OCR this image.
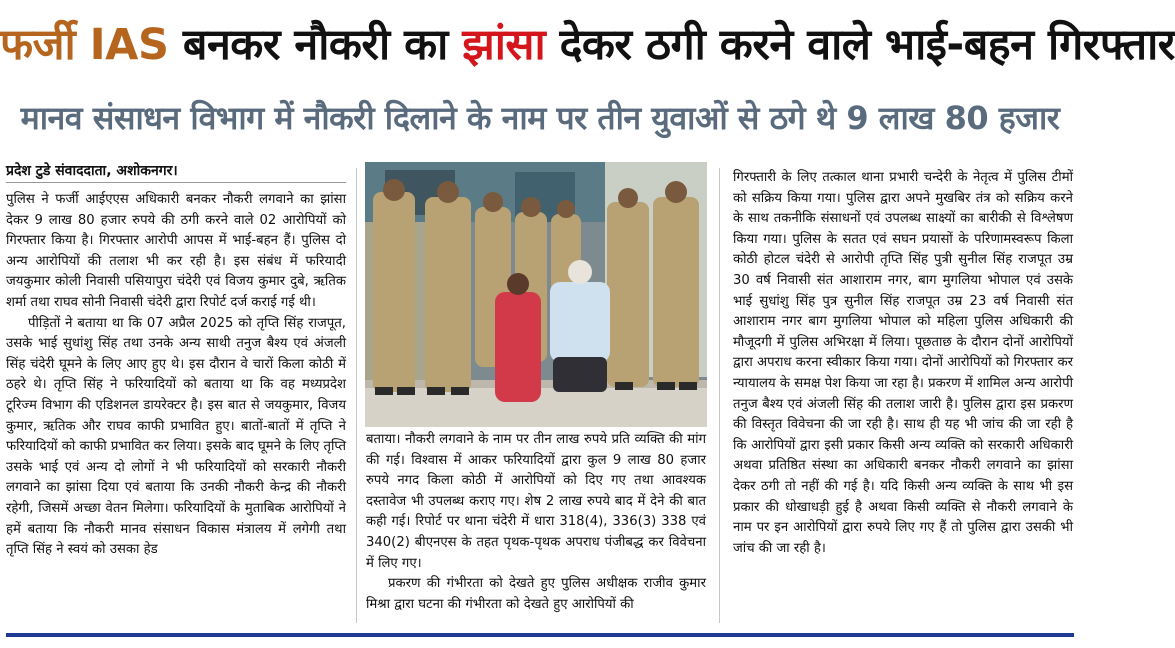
फर्जी IAS बनकर नौकरी का झांसा देकर ठगी करने वाले भाई-बहन गिरफ्तार
मानव संसाधन विभाग में नौकरी दिलाने के नाम पर तीन युवाओं से ठगे थे 9 लाख 80 हजार
प्रदेश टुडे संवाददाता, अशोकनगर।

पुलिस ने फर्जी आईएएस अधिकारी बनकर नौकरी लगवाने का झांसा देकर 9 लाख 80 हजार रुपये की ठगी करने वाले 02 आरोपियों को गिरफ्तार किया है। गिरफ्तार आरोपी आपस में भाई-बहन हैं। पुलिस दो अन्य आरोपियों की तलाश भी कर रही है। इस संबंध में फरियादी जयकुमार कोली निवासी पसियापुरा चंदेरी एवं विजय कुमार दुबे, ऋतिक शर्मा तथा राघव सोनी निवासी चंदेरी द्वारा रिपोर्ट दर्ज कराई गई थी।

पीड़ितों ने बताया था कि 07 अप्रैल 2025 को तृप्ति सिंह राजपूत, उसके भाई सुधांशु सिंह तथा उनके अन्य साथी तनुज बैश्य एवं अंजली सिंह चंदेरी घूमने के लिए आए हुए थे। इस दौरान वे चारों किला कोठी में ठहरे थे। तृप्ति सिंह ने फरियादियों को बताया था कि वह मध्यप्रदेश टूरिज्म विभाग की एडिशनल डायरेक्टर है। इस बात से जयकुमार, विजय कुमार, ऋतिक और राघव काफी प्रभावित हुए। बातों-बातों में तृप्ति ने फरियादियों को काफी प्रभावित कर लिया। इसके बाद घूमने के लिए तृप्ति उसके भाई एवं अन्य दो लोगों ने भी फरियादियों को सरकारी नौकरी लगवाने का झांसा दिया एवं बताया कि उनकी नौकरी केन्द्र की नौकरी रहेगी, जिसमें अच्छा वेतन मिलेगा। फरियादियों के मुताबिक आरोपियों ने हमें बताया कि नौकरी मानव संसाधन विकास मंत्रालय में लगेगी तथा तृप्ति सिंह ने स्वयं को उसका हेड

बताया। नौकरी लगवाने के नाम पर तीन लाख रुपये प्रति व्यक्ति की मांग की गई। विश्वास में आकर फरियादियों द्वारा कुल 9 लाख 80 हजार रुपये नगद किला कोठी में आरोपियों को दिए गए तथा आवश्यक दस्तावेज भी उपलब्ध कराए गए। शेष 2 लाख रुपये बाद में देने की बात कही गई। रिपोर्ट पर थाना चंदेरी में धारा 318(4), 336(3) 338 एवं 340(2) बीएनएस के तहत पृथक-पृथक अपराध पंजीबद्ध कर विवेचना में लिए गए।

प्रकरण की गंभीरता को देखते हुए पुलिस अधीक्षक राजीव कुमार मिश्रा द्वारा घटना की गंभीरता को देखते हुए आरोपियों की

गिरफ्तारी के लिए तत्काल थाना प्रभारी चन्देरी के नेतृत्व में पुलिस टीमों को सक्रिय किया गया। पुलिस द्वारा अपने मुखबिर तंत्र को सक्रिय करने के साथ तकनीकि संसाधनों एवं उपलब्ध साक्ष्यों का बारीकी से विश्लेषण किया गया। पुलिस के सतत एवं सघन प्रयासों के परिणामस्वरूप किला कोठी होटल चंदेरी से आरोपी तृप्ति सिंह पुत्री सुनील सिंह राजपूत उम्र 30 वर्ष निवासी संत आशाराम नगर, बाग मुगलिया भोपाल एवं उसके भाई सुधांशु सिंह पुत्र सुनील सिंह राजपूत उम्र 23 वर्ष निवासी संत आशाराम नगर बाग मुगलिया भोपाल को महिला पुलिस अधिकारी की मौजूदगी में पुलिस अभिरक्षा में लिया। पूछताछ के दौरान दोनों आरोपियों द्वारा अपराध करना स्वीकार किया गया। दोनों आरोपियों को गिरफ्तार कर न्यायालय के समक्ष पेश किया जा रहा है। प्रकरण में शामिल अन्य आरोपी तनुज बैश्य एवं अंजली सिंह की तलाश जारी है। पुलिस द्वारा इस प्रकरण की विस्तृत विवेचना की जा रही है। साथ ही यह भी जांच की जा रही है कि आरोपियों द्वारा इसी प्रकार किसी अन्य व्यक्ति को सरकारी अधिकारी अथवा प्रतिष्ठित संस्था का अधिकारी बनकर नौकरी लगवाने का झांसा देकर ठगी तो नहीं की गई है। यदि किसी अन्य व्यक्ति के साथ भी इस प्रकार की धोखाधड़ी हुई है अथवा किसी व्यक्ति से नौकरी लगवाने के नाम पर इन आरोपियों द्वारा रुपये लिए गए हैं तो पुलिस द्वारा उसकी भी जांच की जा रही है।
